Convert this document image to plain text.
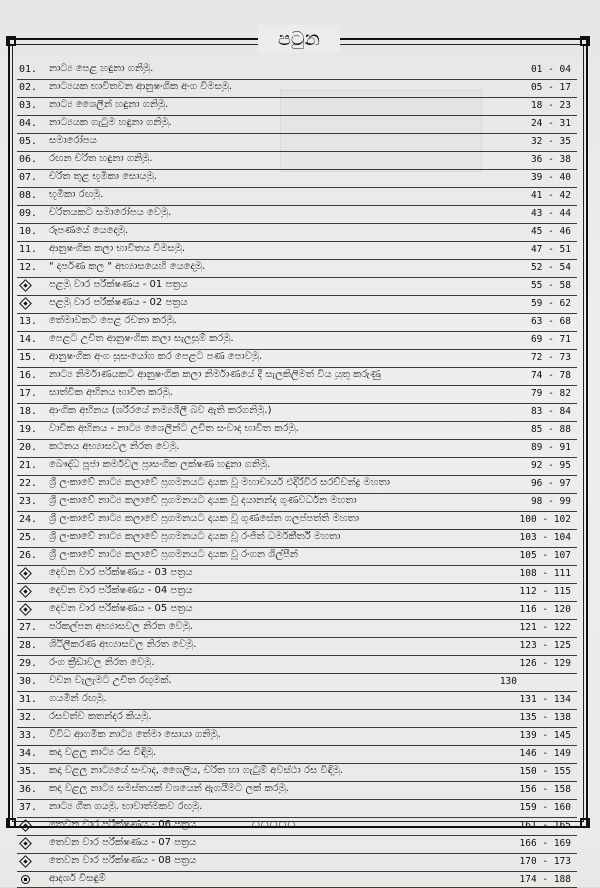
පටුන
01.	නාට්‍ය පෙළ හඳුනා ගනිමු.	01 - 04
02.	නාට්‍යයක භාවිතවන ආනුෂංගික අංග විමසමු.	05 - 17
03.	නාට්‍ය ශෛලීන් හඳුනා ගනිමු.	18 - 23
04.	නාට්‍යයක ගැටුම හඳුනා ගනිමු.	24 - 31
05.	සමාරෝපය	32 - 35
06.	රඟන චරිත හඳුනා ගනිමු.	36 - 38
07.	චරිත තුළ භූමිකා සොයමු.	39 - 40
08.	භූමිකා රඟමු.	41 - 42
09.	චරිතයකට සමාරෝපය වෙමු.	43 - 44
10.	රූපණයේ යෙදෙමු.	45 - 46
11.	ආනුෂංගික කලා භාවිතය විමසමු.	47 - 51
12.	" දර්පණ කල " අභ්‍යාසයෙහි යෙදෙමු.	52 - 54
පළමු වාර පරීක්ෂණය - 01 පත්‍රය	55 - 58
පළමු වාර පරීක්ෂණය - 02 පත්‍රය	59 - 62
13.	තේමාවකට පෙළ රචනා කරමු.	63 - 68
14.	පෙළට උචිත ආනුෂංගික කලා සැලසුම් කරමු.	69 - 71
15.	ආනුෂංගික අංග සුසංයෝග කර පෙළට පණ පොවමු.	72 - 73
16.	නාට්‍ය නිර්මාණයකට ආනුෂංගික කලා නිර්මාණයේ දී සැලකිලිමත් විය යුතු කරුණු	74 - 78
17.	සාත්වික අභිනය භාවිත කරමු.	79 - 82
18.	ආංගික අභිනය (ශරීරයේ නම්‍යශීලී බව ඇති කරගනිමු.)	83 - 84
19.	වාචික අභිනය - නාට්‍ය ශෛලීන්ට උචිත සංවාද භාවිත කරමු.	85 - 88
20.	කථනය අභ්‍යාසවල නිරත වෙමු.	89 - 91
21.	බෞද්ධ පූජා කර්මවල ප්‍රාසංගික ලක්ෂණ හඳුනා ගනිමු.	92 - 95
22.	ශ්‍රී ලංකාවේ නාට්‍ය කලාවේ ප්‍රගමනයට දායක වූ මහාචාර්ය එදිරිවීර සරච්චන්ද්‍ර මහතා	96 - 97
23.	ශ්‍රී ලංකාවේ නාට්‍ය කලාවේ ප්‍රගමනයට දායක වූ දයානන්ද ගුණවර්ධන මහතා	98 - 99
24.	ශ්‍රී ලංකාවේ නාට්‍ය කලාවේ ප්‍රගමනයට දායක වූ ගුණසේන ගලප්පත්ති මහතා	100 - 102
25.	ශ්‍රී ලංකාවේ නාට්‍ය කලාවේ ප්‍රගමනයට දායක වූ රංජිත් ධර්මකීර්ති මහතා	103 - 104
26.	ශ්‍රී ලංකාවේ නාට්‍ය කලාවේ ප්‍රගමනයට දායක වූ රංගන ශිල්පීන්	105 - 107
දෙවන වාර පරීක්ෂණය - 03 පත්‍රය	108 - 111
දෙවන වාර පරීක්ෂණය - 04 පත්‍රය	112 - 115
දෙවන වාර පරීක්ෂණය - 05 පත්‍රය	116 - 120
27.	පරිකල්පන අභ්‍යාසවල නිරත වෙමු.	121 - 122
28.	ශිථිලීකරණ අභ්‍යාසවල නිරත වෙමු.	123 - 125
29.	රංග ක්‍රීඩාවල නිරත වෙමු.	126 - 129
30.	වචන වැලැමට උචිත රඟුමක්.	130
31.	ගයමින් රඟමු.	131 - 134
32.	රසවත්ව කතන්දර කියමු.	135 - 138
33.	විවිධ ආගමික නාට්‍ය තේමා සොයා ගනිමු.	139 - 145
34.	කදා වළලු නාට්‍ය රස විඳිමු.	146 - 149
35.	කදා වළලු නාට්‍යයේ සංවාද, ශෛලිය, චරිත හා ගැටුම් අවස්ථා රස විඳිමු.	150 - 155
36.	කදා වළලු නාට්‍ය සමස්තයක් වශයෙන් ඇගයීමට ලක් කරමු.	156 - 158
37.	නාට්‍ය ගීත ගයමු. භාවාත්මකව රඟමු.	159 - 160
තෙවන වාර පරීක්ෂණය - 06 පත්‍රය	161 - 165
තෙවන වාර පරීක්ෂණය - 07 පත්‍රය	166 - 169
තෙවන වාර පරීක්ෂණය - 08 පත්‍රය	170 - 173
ආදර්ශ විසඳුම්	174 - 188
○○○○○
